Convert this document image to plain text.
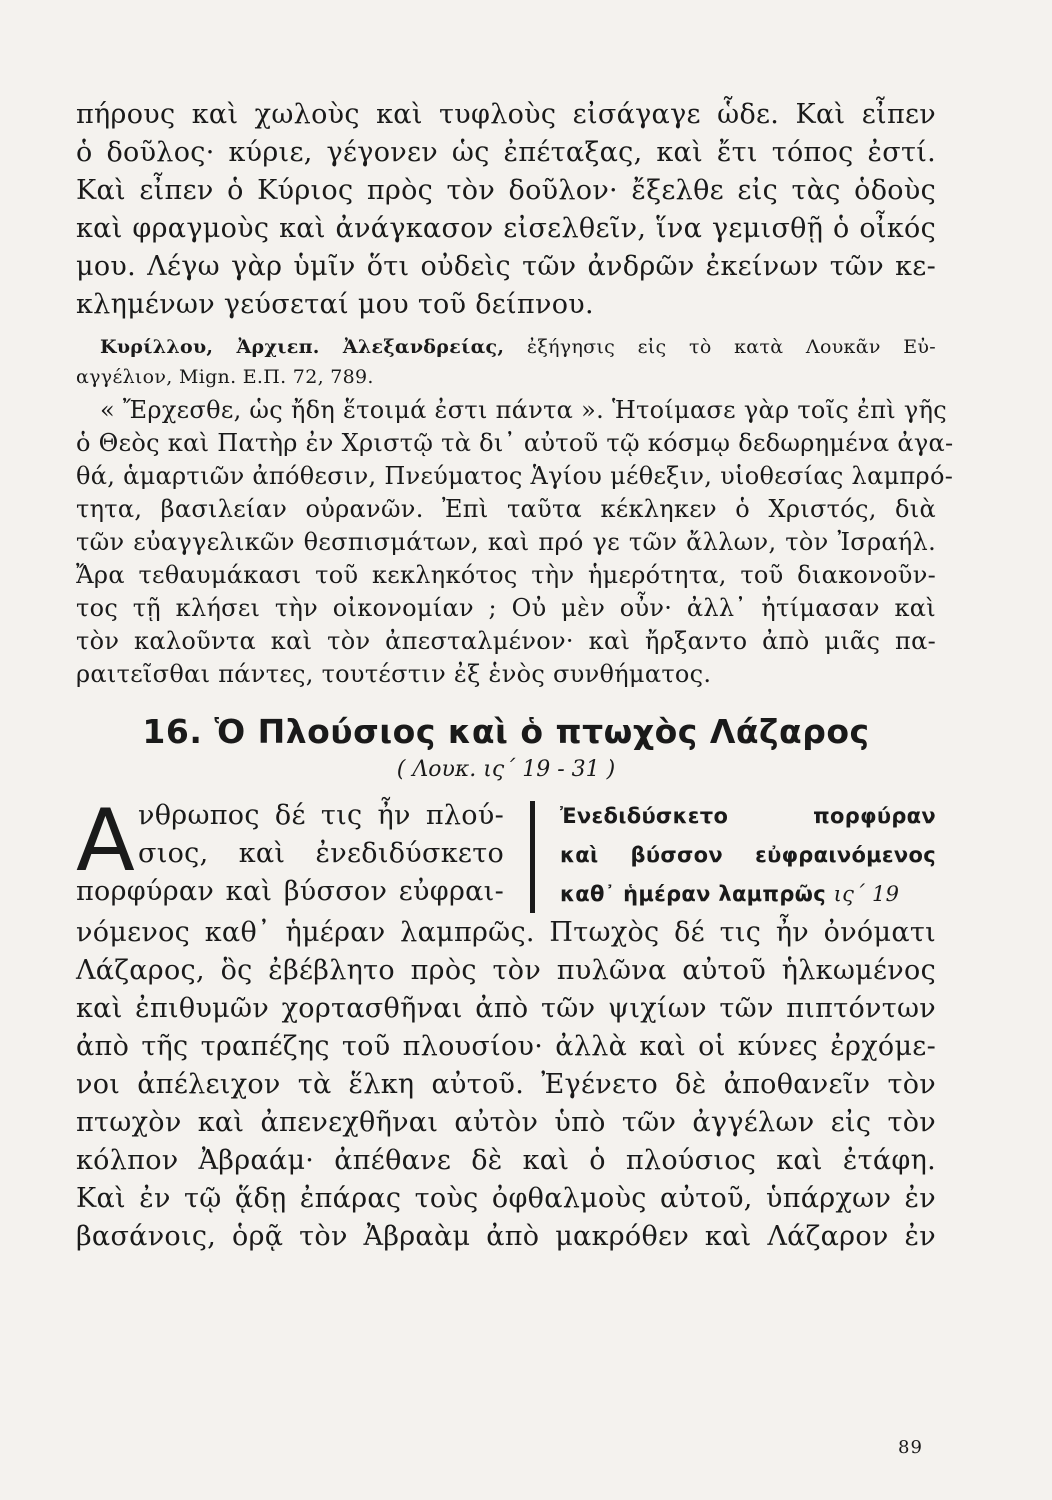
πήρους καὶ χωλοὺς καὶ τυφλοὺς εἰσάγαγε ὧδε. Καὶ εἶπεν
ὁ δοῦλος· κύριε, γέγονεν ὡς ἐπέταξας, καὶ ἔτι τόπος ἐστί.
Καὶ εἶπεν ὁ Κύριος πρὸς τὸν δοῦλον· ἔξελθε εἰς τὰς ὁδοὺς
καὶ φραγμοὺς καὶ ἀνάγκασον εἰσελθεῖν, ἵνα γεμισθῇ ὁ οἶκός
μου. Λέγω γὰρ ὑμῖν ὅτι οὐδεὶς τῶν ἀνδρῶν ἐκείνων τῶν κε-
κλημένων γεύσεταί μου τοῦ δείπνου.
Κυρίλλου, Ἀρχιεπ. Ἀλεξανδρείας, ἐξήγησις εἰς τὸ κατὰ Λουκᾶν Εὐ-
αγγέλιον, Mign. Ε.Π. 72, 789.
« Ἔρχεσθε, ὡς ἤδη ἕτοιμά ἐστι πάντα ». Ἡτοίμασε γὰρ τοῖς ἐπὶ γῆς
ὁ Θεὸς καὶ Πατὴρ ἐν Χριστῷ τὰ δι᾽ αὐτοῦ τῷ κόσμῳ δεδωρημένα ἀγα-
θά, ἁμαρτιῶν ἀπόθεσιν, Πνεύματος Ἁγίου μέθεξιν, υἱοθεσίας λαμπρό-
τητα, βασιλείαν οὐρανῶν. Ἐπὶ ταῦτα κέκληκεν ὁ Χριστός, διὰ
τῶν εὐαγγελικῶν θεσπισμάτων, καὶ πρό γε τῶν ἄλλων, τὸν Ἰσραήλ.
Ἄρα τεθαυμάκασι τοῦ κεκληκότος τὴν ἡμερότητα, τοῦ διακονοῦν-
τος τῇ κλήσει τὴν οἰκονομίαν ; Οὐ μὲν οὖν· ἀλλ᾽ ἠτίμασαν καὶ
τὸν καλοῦντα καὶ τὸν ἀπεσταλμένον· καὶ ἤρξαντο ἀπὸ μιᾶς πα-
ραιτεῖσθαι πάντες, τουτέστιν ἐξ ἑνὸς συνθήματος.
16. Ὁ Πλούσιος καὶ ὁ πτωχὸς Λάζαρος
( Λουκ. ις΄ 19 - 31 )
Α νθρωπος δέ τις ἦν πλού-
σιος, καὶ ἐνεδιδύσκετο
πορφύραν καὶ βύσσον εὐφραι-
Ἐνεδιδύσκετο πορφύραν
καὶ βύσσον εὐφραινόμενος
καθ᾽ ἡμέραν λαμπρῶς ις΄ 19
νόμενος καθ᾽ ἡμέραν λαμπρῶς. Πτωχὸς δέ τις ἦν ὀνόματι
Λάζαρος, ὃς ἐβέβλητο πρὸς τὸν πυλῶνα αὐτοῦ ἡλκωμένος
καὶ ἐπιθυμῶν χορτασθῆναι ἀπὸ τῶν ψιχίων τῶν πιπτόντων
ἀπὸ τῆς τραπέζης τοῦ πλουσίου· ἀλλὰ καὶ οἱ κύνες ἐρχόμε-
νοι ἀπέλειχον τὰ ἕλκη αὐτοῦ. Ἐγένετο δὲ ἀποθανεῖν τὸν
πτωχὸν καὶ ἀπενεχθῆναι αὐτὸν ὑπὸ τῶν ἀγγέλων εἰς τὸν
κόλπον Ἀβραάμ· ἀπέθανε δὲ καὶ ὁ πλούσιος καὶ ἐτάφη.
Καὶ ἐν τῷ ᾅδῃ ἐπάρας τοὺς ὀφθαλμοὺς αὐτοῦ, ὑπάρχων ἐν
βασάνοις, ὁρᾷ τὸν Ἀβραὰμ ἀπὸ μακρόθεν καὶ Λάζαρον ἐν
89
